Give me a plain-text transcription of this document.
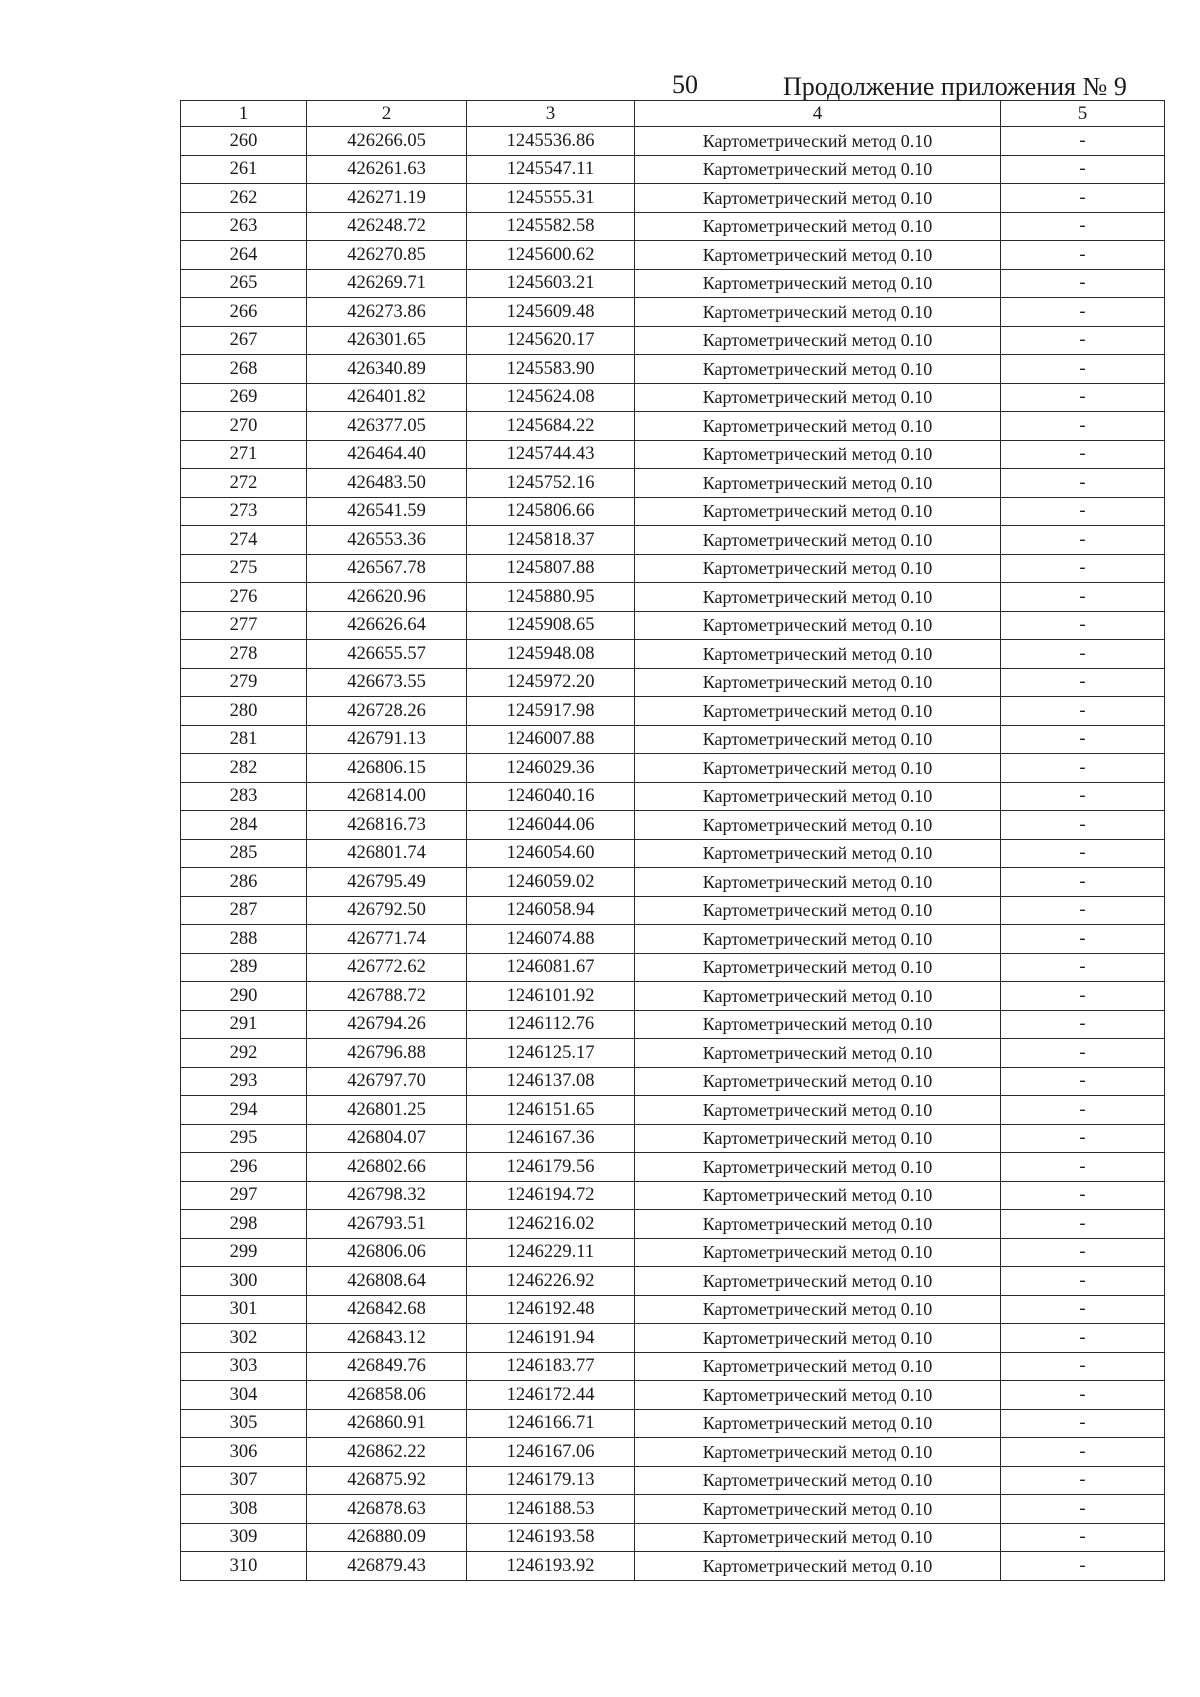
50	Продолжение приложения № 9
1	2	3	4	5
260	426266.05	1245536.86	Картометрический метод 0.10	-
261	426261.63	1245547.11	Картометрический метод 0.10	-
262	426271.19	1245555.31	Картометрический метод 0.10	-
263	426248.72	1245582.58	Картометрический метод 0.10	-
264	426270.85	1245600.62	Картометрический метод 0.10	-
265	426269.71	1245603.21	Картометрический метод 0.10	-
266	426273.86	1245609.48	Картометрический метод 0.10	-
267	426301.65	1245620.17	Картометрический метод 0.10	-
268	426340.89	1245583.90	Картометрический метод 0.10	-
269	426401.82	1245624.08	Картометрический метод 0.10	-
270	426377.05	1245684.22	Картометрический метод 0.10	-
271	426464.40	1245744.43	Картометрический метод 0.10	-
272	426483.50	1245752.16	Картометрический метод 0.10	-
273	426541.59	1245806.66	Картометрический метод 0.10	-
274	426553.36	1245818.37	Картометрический метод 0.10	-
275	426567.78	1245807.88	Картометрический метод 0.10	-
276	426620.96	1245880.95	Картометрический метод 0.10	-
277	426626.64	1245908.65	Картометрический метод 0.10	-
278	426655.57	1245948.08	Картометрический метод 0.10	-
279	426673.55	1245972.20	Картометрический метод 0.10	-
280	426728.26	1245917.98	Картометрический метод 0.10	-
281	426791.13	1246007.88	Картометрический метод 0.10	-
282	426806.15	1246029.36	Картометрический метод 0.10	-
283	426814.00	1246040.16	Картометрический метод 0.10	-
284	426816.73	1246044.06	Картометрический метод 0.10	-
285	426801.74	1246054.60	Картометрический метод 0.10	-
286	426795.49	1246059.02	Картометрический метод 0.10	-
287	426792.50	1246058.94	Картометрический метод 0.10	-
288	426771.74	1246074.88	Картометрический метод 0.10	-
289	426772.62	1246081.67	Картометрический метод 0.10	-
290	426788.72	1246101.92	Картометрический метод 0.10	-
291	426794.26	1246112.76	Картометрический метод 0.10	-
292	426796.88	1246125.17	Картометрический метод 0.10	-
293	426797.70	1246137.08	Картометрический метод 0.10	-
294	426801.25	1246151.65	Картометрический метод 0.10	-
295	426804.07	1246167.36	Картометрический метод 0.10	-
296	426802.66	1246179.56	Картометрический метод 0.10	-
297	426798.32	1246194.72	Картометрический метод 0.10	-
298	426793.51	1246216.02	Картометрический метод 0.10	-
299	426806.06	1246229.11	Картометрический метод 0.10	-
300	426808.64	1246226.92	Картометрический метод 0.10	-
301	426842.68	1246192.48	Картометрический метод 0.10	-
302	426843.12	1246191.94	Картометрический метод 0.10	-
303	426849.76	1246183.77	Картометрический метод 0.10	-
304	426858.06	1246172.44	Картометрический метод 0.10	-
305	426860.91	1246166.71	Картометрический метод 0.10	-
306	426862.22	1246167.06	Картометрический метод 0.10	-
307	426875.92	1246179.13	Картометрический метод 0.10	-
308	426878.63	1246188.53	Картометрический метод 0.10	-
309	426880.09	1246193.58	Картометрический метод 0.10	-
310	426879.43	1246193.92	Картометрический метод 0.10	-
